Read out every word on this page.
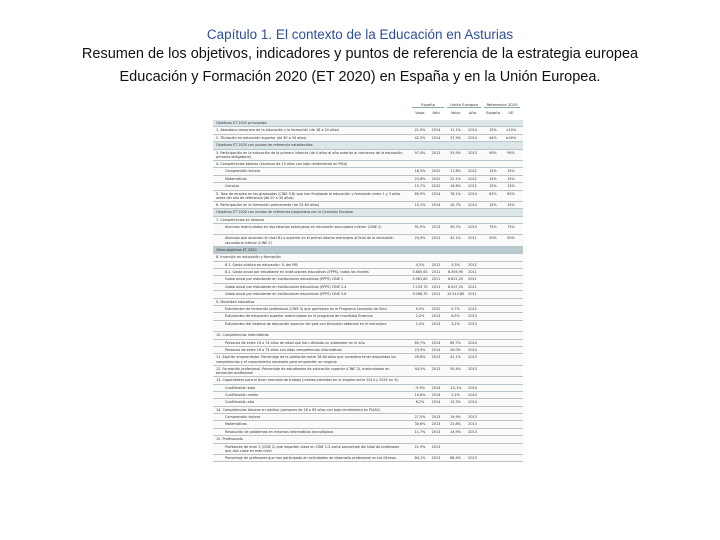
Capítulo 1. El contexto de la Educación en Asturias
Resumen de los objetivos, indicadores y puntos de referencia de la estrategia europea
Educación y Formación 2020 (ET 2020) en España y en la Unión Europea.
España	Unión Europea	Referencia 2020
Valor	Año	Valor	Año	España	UE
Objetivos ET 2020 principales
1. Abandono temprano de la educación y la formación (de 18 a 24 años)	21,9%	2014	11,1%	2014	15%	<10%
2. Titulación en educación superior (de 30 a 34 años)	42,3%	2014	37,9%	2014	44%	≥40%
Objetivos ET 2020 con puntos de referencia establecidos
3. Participación en la educación de la primera infancia (de 4 años al año anterior al comienzo de la educación primaria obligatoria)
97,4%	2013	93,9%	2013	90%	95%
4. Competencias básicas (alumnos de 15 años con bajo rendimiento en PISA)
Comprensión lectora	18,3%	2012	17,8%	2012	15%	15%
Matemáticas	23,6%	2012	22,1%	2012	15%	15%
Ciencias	15,7%	2012	16,6%	2012	15%	15%
5. Tasa de empleo en los graduados (CINE 3-8) que han finalizado la educación y formación entre 1 y 3 años antes del año de referencia (de 20 a 34 años)
65,9%	2014	76,1%	2014	82%	82%
6. Participación en la formación permanente (de 25-64 años)	10,1%	2014	10,7%	2014	15%	15%
Objetivos ET 2020 con puntos de referencia propuestos por la Comisión Europea
7. Competencias en idiomas
Alumnos matriculados en dos idiomas extranjeros en educación secundaria inferior (CINE 2)	91,9%	2013	59,7%	2013	75%	75%
Alumnos que alcanzan el nivel B1 o superior en el primer idioma extranjero al final de la educación secundaria inferior (CINE 2)
24,9%	2011	42,1%	2011	50%	50%
Otros objetivos ET 2020
8. Inversión en educación y formación
8.1. Gasto público en educación. % del PIB	4,3%	2012	5,3%	2012
8.2. Gasto anual por estudiante en instituciones educativas (EPPS), todos los niveles	5.685,63	2011	6.494,90	2011
Gasto anual por estudiante en instituciones educativas (EPPS) CINE 1	5.981,80	2011	6.822,20	2011
Gasto anual por estudiante en instituciones educativas (EPPS) CINE 2-4	7.233,70	2011	8.007,20	2011
Gasto anual por estudiante en instituciones educativas (EPPS) CINE 5-6	9.288,70	2011	10.512,80	2011
9. Movilidad educativa
Estudiantes de formación profesional (CINE 3) que participan en el Programa Leonardo da Vinci	0,9%	2012	0,7%	2012
Estudiantes de educación superior matriculados en el programa de movilidad Erasmus	2,0%	2013	6,5%	2013
Estudiantes del sistema de educación superior del país con titulación obtenida en el extranjero	2,4%	2013	3,2%	2013
10. Competencias informáticas
Personas de entre 16 a 74 años de edad que han utilizado un ordenador en el año	65,7%	2014	65,7%	2014
Personas de entre 16 a 74 años con altas competencias informáticas	23,9%	2014	26,0%	2014
11. Espíritu emprendedor. Porcentaje de la población entre 18-64 años que considera tener adquiridas las competencias y el conocimiento necesario para emprender un negocio
49,8%	2013	41,1%	2013
12. Formación profesional. Porcentaje de estudiantes de educación superior (CINE 3), matriculados en formación profesional
44,5%	2013	50,4%	2013
13. Capacidades para el buen mercado de trabajo (niveles previstos en el empleo entre 2014 y 2025 en %)
Cualificación baja	-9,9%	2014	-15,1%	2014
Cualificación media	10,8%	2014	2,2%	2014
Cualificación alta	6,2%	2014	12,3%	2014
14. Competencias básicas en adultos (personas de 16 a 65 años con bajo rendimiento en PIAAC)
Comprensión lectora	27,5%	2013	19,9%	2013
Matemáticas	30,6%	2013	22,8%	2013
Resolución de problemas en entornos informáticos tecnológicos	11,7%	2013	14,9%	2013
15. Profesorado
Profesores de nivel 2 (CINE 2) que imparten clase en CINE 2-3 como porcentaje del total de profesores que dan clase en este nivel
21,9%	2013
Porcentaje de profesores que han participado en actividades de desarrollo profesional en los últimos doce meses
84,1%	2013	88,4%	2013
